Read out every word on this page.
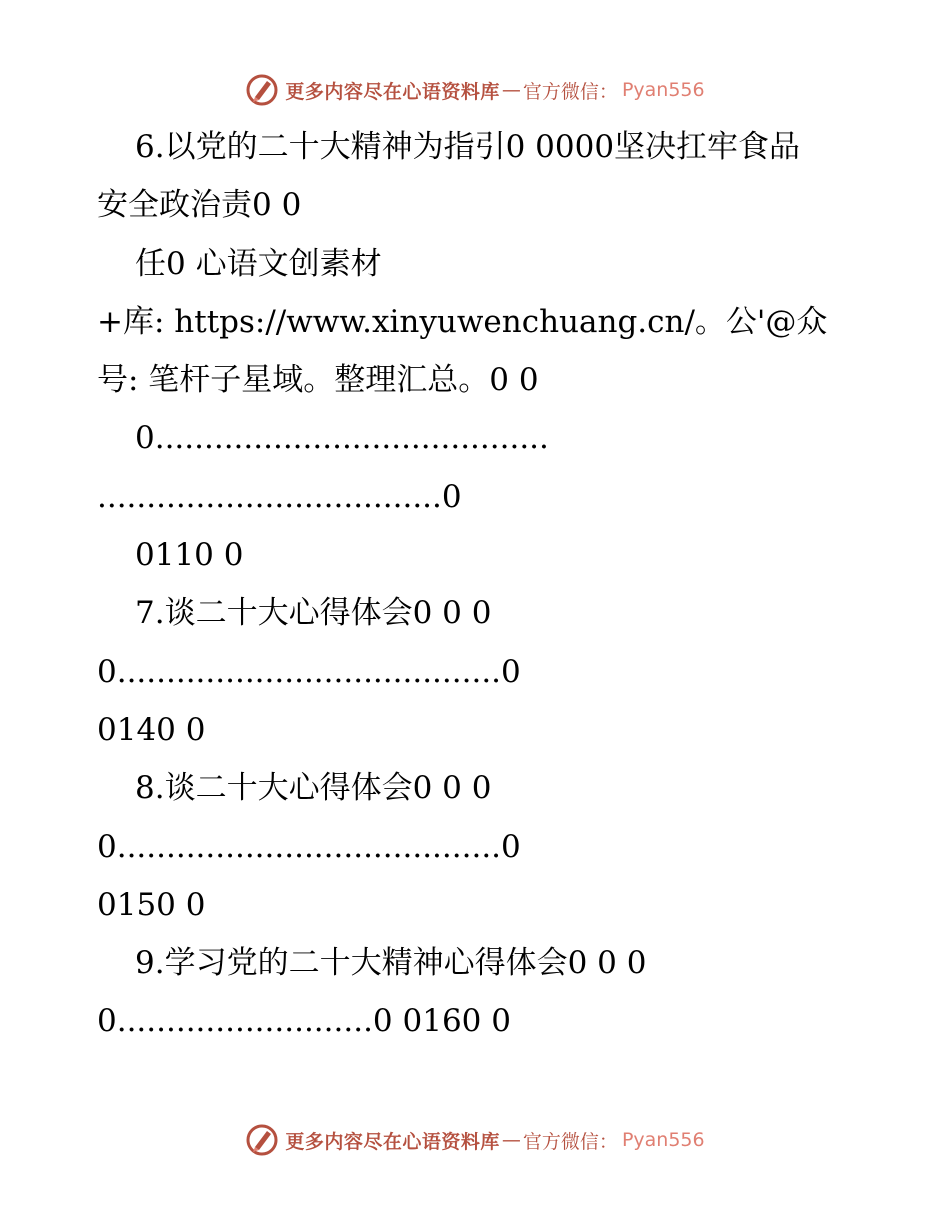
更多内容尽在心语资料库 — 官方微信： Pyan556
6.以党的二十大精神为指引0 0000坚决扛牢食品
安全政治责0 0
任0 心语文创素材
+库: https://www.xinyuwenchuang.cn/。公'@众
号: 笔杆子星域。整理汇总。0 0
0........................................
...................................0
0110 0
7.谈二十大心得体会0 0 0
0.......................................0
0140 0
8.谈二十大心得体会0 0 0
0.......................................0
0150 0
9.学习党的二十大精神心得体会0 0 0
0..........................0 0160 0
更多内容尽在心语资料库 — 官方微信： Pyan556
